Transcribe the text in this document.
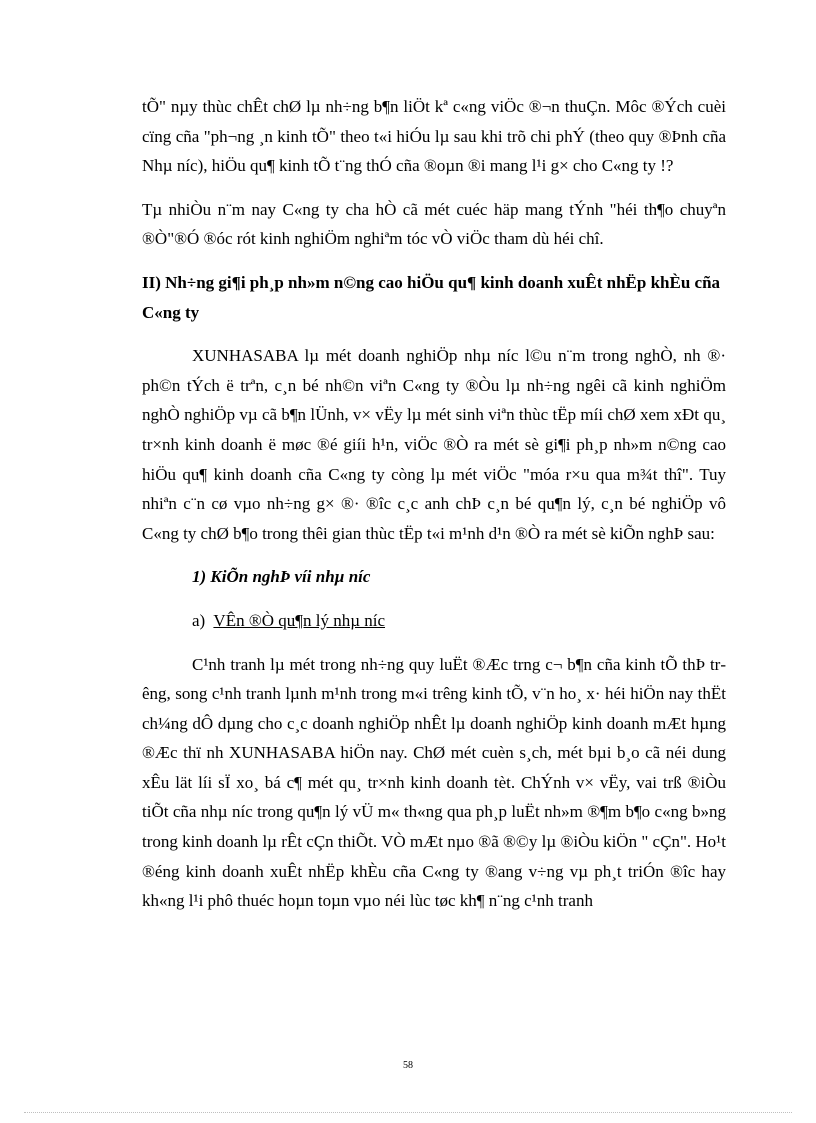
tÕ" nµy thùc chÊt chØ lµ nh÷ng b¶n liÖt kª c«ng viÖc ®¬n thuÇn. Môc ®Ých cuèi cïng cña "ph¬ng ¸n kinh tÕ" theo t«i hiÓu lµ sau khi trõ chi phÝ (theo quy ®Þnh cña Nhµ níc), hiÖu qu¶ kinh tÕ t¨ng thÓ cña ®oµn ®i mang l¹i g× cho C«ng ty !?

Tµ nhiÒu n¨m nay C«ng ty cha hÒ cã mét cuéc häp mang tÝnh "héi th¶o chuyªn ®Ò"®Ó ®óc rót kinh nghiÖm nghiªm tóc vÒ viÖc tham dù héi chî.

II) Nh÷ng gi¶i ph¸p nh»m n©ng cao hiÖu qu¶ kinh doanh xuÊt nhËp khÈu cña C«ng ty

XUNHASABA lµ mét doanh nghiÖp nhµ níc l©u n¨m trong nghÒ, nh ®· ph©n tÝch ë trªn, c¸n bé nh©n viªn C«ng ty ®Òu lµ nh÷ng ngêi cã kinh nghiÖm nghÒ nghiÖp vµ cã b¶n lÜnh, v× vËy lµ mét sinh viªn thùc tËp míi chØ xem xÐt qu¸ tr×nh kinh doanh ë møc ®é giíi h¹n, viÖc ®Ò ra mét sè gi¶i ph¸p nh»m n©ng cao hiÖu qu¶ kinh doanh cña C«ng ty còng lµ mét viÖc "móa r×u qua m¾t thî". Tuy nhiªn c¨n cø vµo nh÷ng g× ®· ®îc c¸c anh chÞ c¸n bé qu¶n lý, c¸n bé nghiÖp vô C«ng ty chØ b¶o trong thêi gian thùc tËp t«i m¹nh d¹n ®Ò ra mét sè kiÕn nghÞ sau:

1) KiÕn nghÞ víi nhµ níc

a) VÊn ®Ò qu¶n lý nhµ níc

C¹nh tranh lµ mét trong nh÷ng quy luËt ®Æc trng c¬ b¶n cña kinh tÕ thÞ trêng, song c¹nh tranh lµnh m¹nh trong m«i trêng kinh tÕ, v¨n ho¸ x· héi hiÖn nay thËt ch¼ng dÔ dµng cho c¸c doanh nghiÖp nhÊt lµ doanh nghiÖp kinh doanh mÆt hµng ®Æc thï nh XUNHASABA hiÖn nay. ChØ mét cuèn s¸ch, mét bµi b¸o cã néi dung xÊu lät líi sÏ xo¸ bá c¶ mét qu¸ tr×nh kinh doanh tèt. ChÝnh v× vËy, vai trß ®iÒu tiÕt cña nhµ níc trong qu¶n lý vÜ m« th«ng qua ph¸p luËt nh»m ®¶m b¶o c«ng b»ng trong kinh doanh lµ rÊt cÇn thiÕt. VÒ mÆt nµo ®ã ®©y lµ ®iÒu kiÖn " cÇn". Ho¹t ®éng kinh doanh xuÊt nhËp khÈu cña C«ng ty ®ang v÷ng vµ ph¸t triÓn ®îc hay kh«ng l¹i phô thuéc hoµn toµn vµo néi lùc tøc kh¶ n¨ng c¹nh tranh

58
